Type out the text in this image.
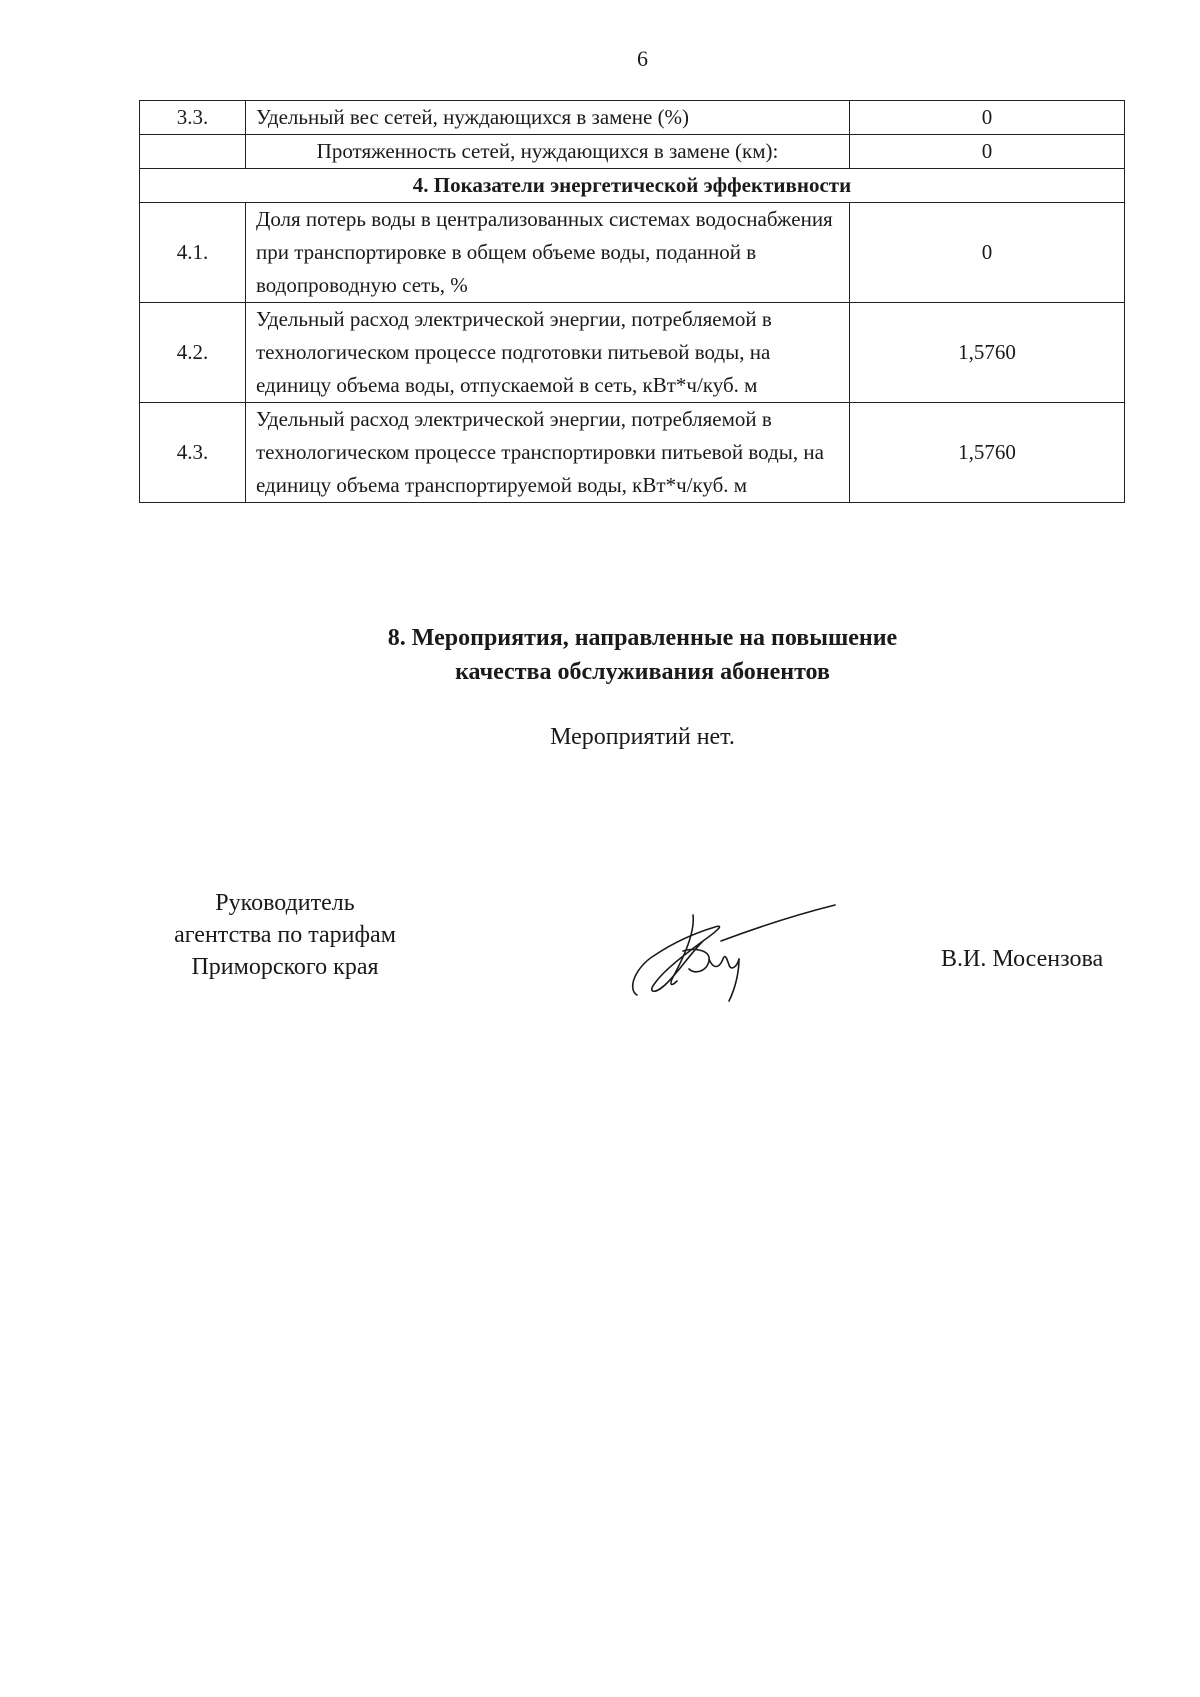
6
3.3.	Удельный вес сетей, нуждающихся в замене (%)	0
	Протяженность сетей, нуждающихся в замене (км):	0
4. Показатели энергетической эффективности		
4.1.	Доля потерь воды в централизованных системах водоснабжения при транспортировке в общем объеме воды, поданной в водопроводную сеть, %	0
4.2.	Удельный расход электрической энергии, потребляемой в технологическом процессе подготовки питьевой воды, на единицу объема воды, отпускаемой в сеть, кВт*ч/куб. м	1,5760
4.3.	Удельный расход электрической энергии, потребляемой в технологическом процессе транспортировки питьевой воды, на единицу объема транспортируемой воды, кВт*ч/куб. м	1,5760
8. Мероприятия, направленные на повышение
качества обслуживания абонентов
Мероприятий нет.
Руководитель
агентства по тарифам
Приморского края	В.И. Мосензова
